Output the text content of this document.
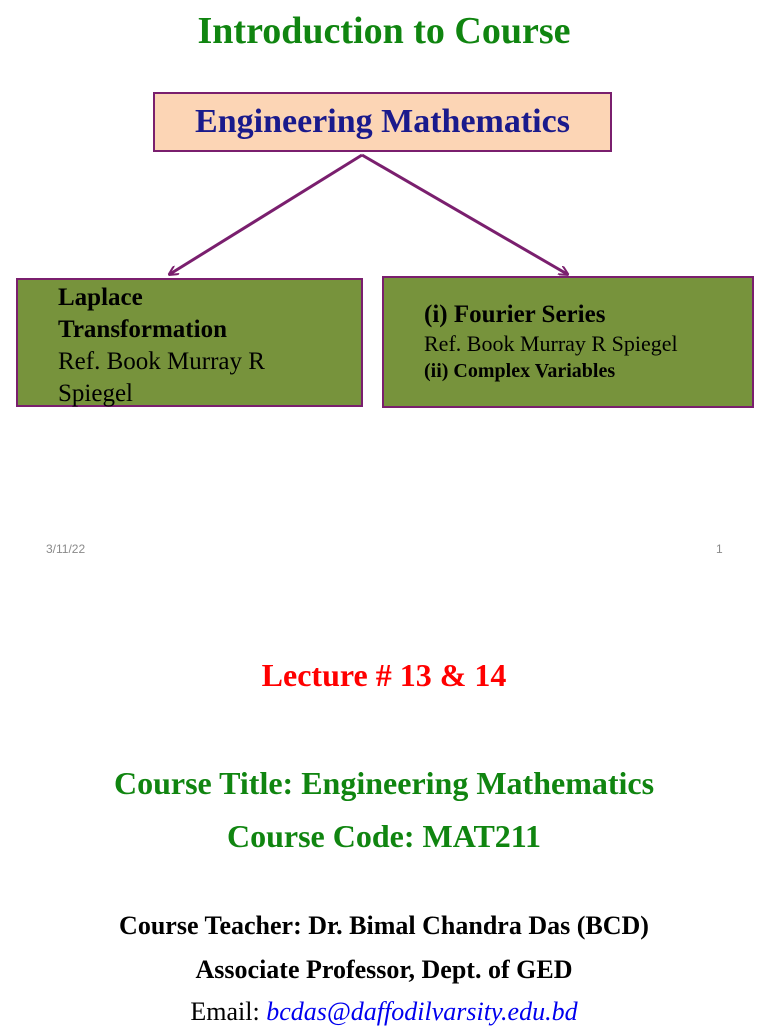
Introduction to Course
Engineering Mathematics
Laplace
Transformation
Ref. Book Murray R
Spiegel
(i) Fourier Series
Ref. Book Murray R Spiegel
(ii) Complex Variables
3/11/22	1
Lecture # 13 & 14
Course Title: Engineering Mathematics
Course Code: MAT211
Course Teacher: Dr. Bimal Chandra Das (BCD)
Associate Professor, Dept. of GED
Email: bcdas@daffodilvarsity.edu.bd
